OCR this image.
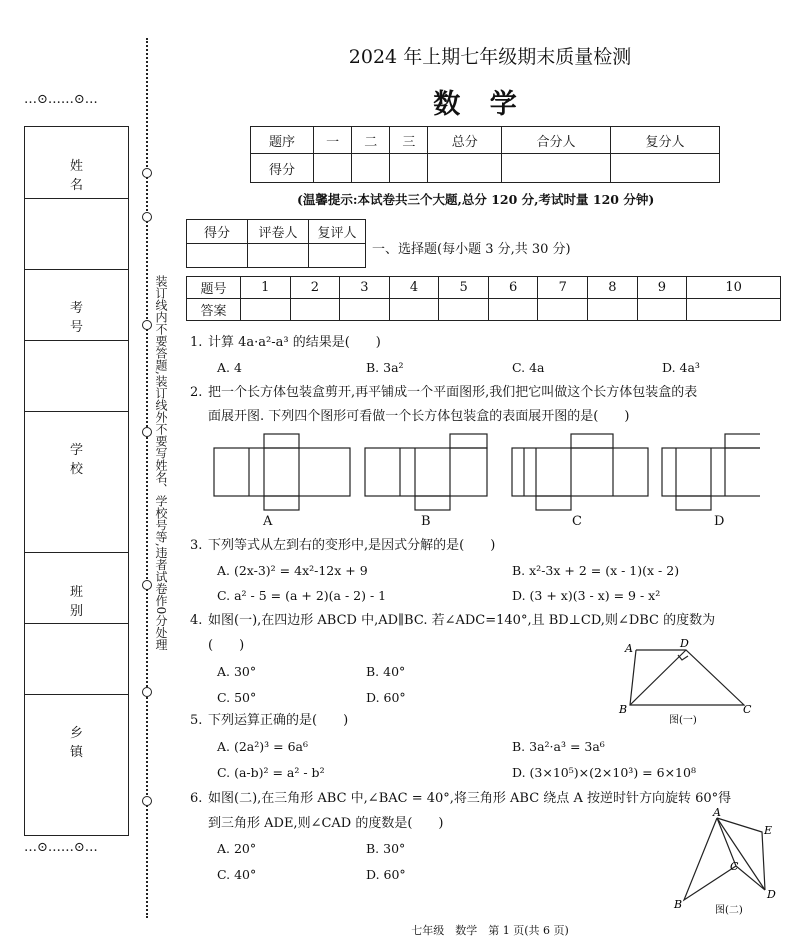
…⊙……⊙…
姓名
考号
学校
班别
乡镇
…⊙……⊙…
装订线内不要答题,装订线外不要写姓名、学校号等,违者试卷作0分处理
2024 年上期七年级期末质量检测
数 学
题序	一	二	三	总分	合分人	复分人
得分						
(温馨提示:本试卷共三个大题,总分 120 分,考试时量 120 分钟)
得分	评卷人	复评人

一、选择题(每小题 3 分,共 30 分)
题号	1	2	3	4	5	6	7	8	9	10
答案										
1. 计算 4a·a²-a³ 的结果是(　　)
A. 4	B. 3a²	C. 4a	D. 4a³
2. 把一个长方体包装盒剪开,再平铺成一个平面图形,我们把它叫做这个长方体包装盒的表
面展开图. 下列四个图形可看做一个长方体包装盒的表面展开图的是(　　)
A	B	C	D
3. 下列等式从左到右的变形中,是因式分解的是(　　)
A. (2x-3)² = 4x²-12x + 9	B. x²-3x + 2 = (x - 1)(x - 2)
C. a² - 5 = (a + 2)(a - 2) - 1	D. (3 + x)(3 - x) = 9 - x²
4. 如图(一),在四边形 ABCD 中,AD∥BC. 若∠ADC=140°,且 BD⊥CD,则∠DBC 的度数为
(　　)
A. 30°	B. 40°
C. 50°	D. 60°
A	D
B	C
图(一)
5. 下列运算正确的是(　　)
A. (2a²)³ = 6a⁶	B. 3a²·a³ = 3a⁶
C. (a-b)² = a² - b²	D. (3×10⁵)×(2×10³) = 6×10⁸
6. 如图(二),在三角形 ABC 中,∠BAC = 40°,将三角形 ABC 绕点 A 按逆时针方向旋转 60°得
到三角形 ADE,则∠CAD 的度数是(　　)
A. 20°	B. 30°
C. 40°	D. 60°
A
E
C
B
D
图(二)
七年级　数学　第 1 页(共 6 页)
